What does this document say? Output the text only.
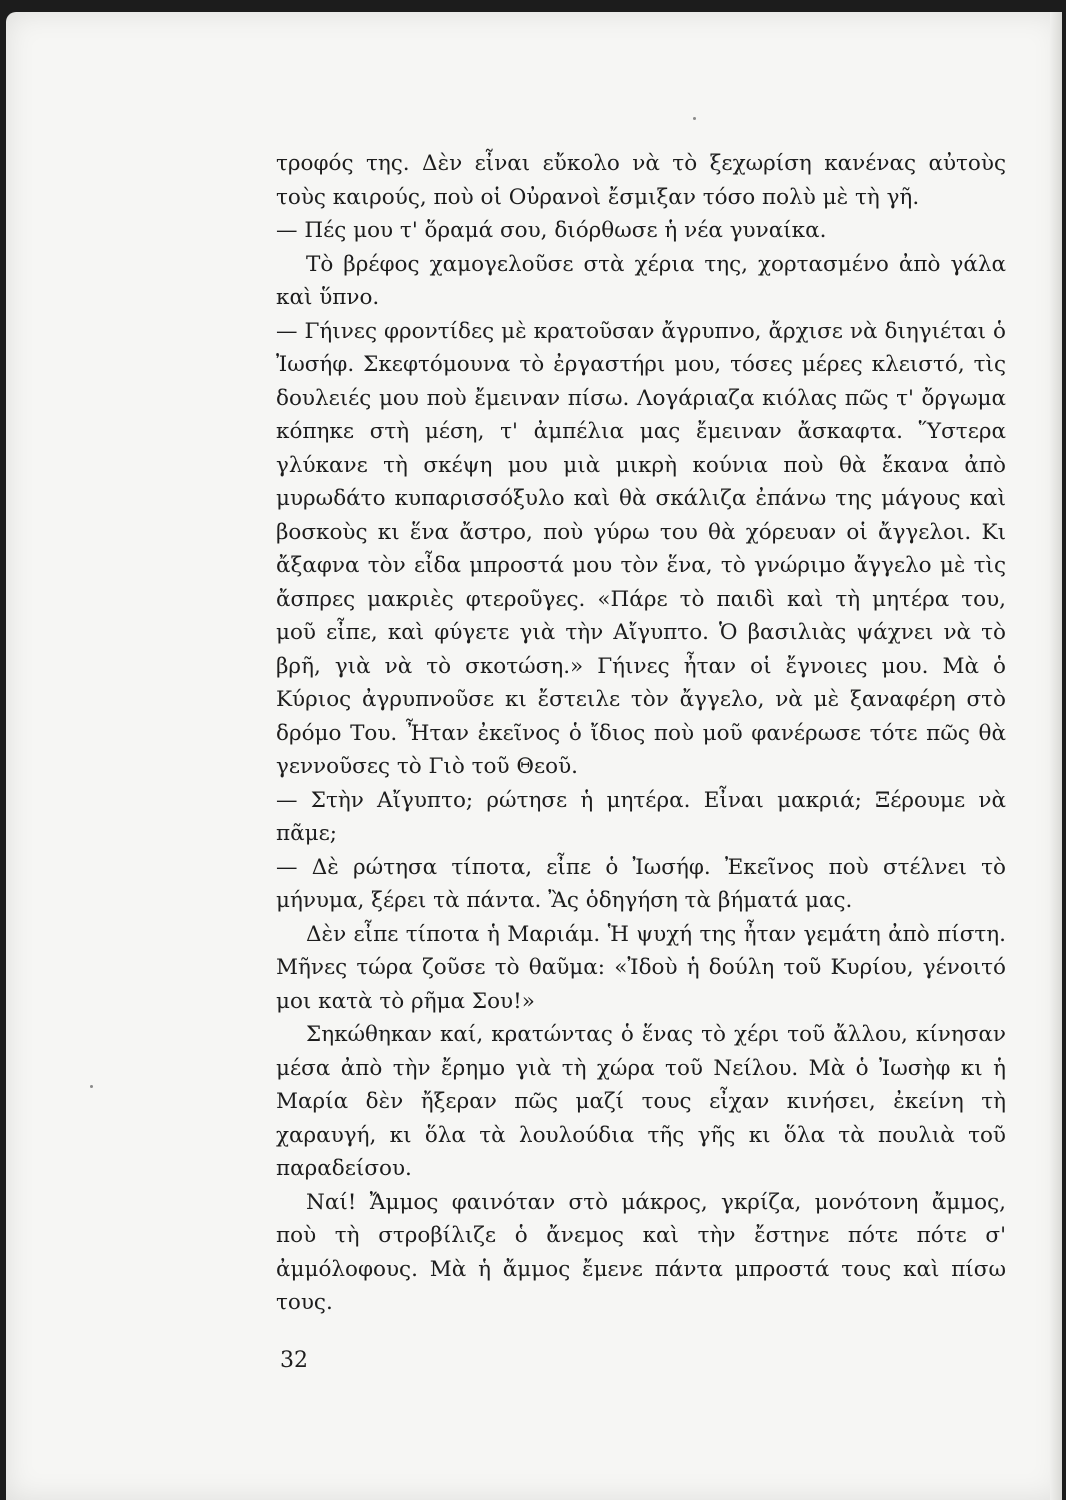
τροφός της. Δὲν εἶναι εὔκολο νὰ τὸ ξεχωρίση κανένας αὐτοὺς τοὺς καιρούς, ποὺ οἱ Οὐρανοὶ ἔσμιξαν τόσο πολὺ μὲ τὴ γῆ.

— Πές μου τ' ὅραμά σου, διόρθωσε ἡ νέα γυναίκα.

Τὸ βρέφος χαμογελοῦσε στὰ χέρια της, χορτασμένο ἀπὸ γάλα καὶ ὕπνο.

— Γήινες φροντίδες μὲ κρατοῦσαν ἄγρυπνο, ἄρχισε νὰ διηγιέται ὁ Ἰωσήφ. Σκεφτόμουνα τὸ ἐργαστήρι μου, τόσες μέρες κλειστό, τὶς δουλειές μου ποὺ ἔμειναν πίσω. Λογάριαζα κιόλας πῶς τ' ὄργωμα κόπηκε στὴ μέση, τ' ἀμπέλια μας ἔμειναν ἄσκαφτα. Ὕστερα γλύκανε τὴ σκέψη μου μιὰ μικρὴ κούνια ποὺ θὰ ἔκανα ἀπὸ μυρωδάτο κυπαρισσόξυλο καὶ θὰ σκάλιζα ἐπάνω της μάγους καὶ βοσκοὺς κι ἕνα ἄστρο, ποὺ γύρω του θὰ χόρευαν οἱ ἄγγελοι. Κι ἄξαφνα τὸν εἶδα μπροστά μου τὸν ἕνα, τὸ γνώριμο ἄγγελο μὲ τὶς ἄσπρες μακριὲς φτεροῦγες. «Πάρε τὸ παιδὶ καὶ τὴ μητέρα του, μοῦ εἶπε, καὶ φύγετε γιὰ τὴν Αἴγυπτο. Ὁ βασιλιὰς ψάχνει νὰ τὸ βρῆ, γιὰ νὰ τὸ σκοτώση.» Γήινες ἦταν οἱ ἔγνοιες μου. Μὰ ὁ Κύριος ἀγρυπνοῦσε κι ἔστειλε τὸν ἄγγελο, νὰ μὲ ξαναφέρη στὸ δρόμο Του. Ἦταν ἐκεῖνος ὁ ἴδιος ποὺ μοῦ φανέρωσε τότε πῶς θὰ γεννοῦσες τὸ Γιὸ τοῦ Θεοῦ.

— Στὴν Αἴγυπτο; ρώτησε ἡ μητέρα. Εἶναι μακριά; Ξέρουμε νὰ πᾶμε;

— Δὲ ρώτησα τίποτα, εἶπε ὁ Ἰωσήφ. Ἐκεῖνος ποὺ στέλνει τὸ μήνυμα, ξέρει τὰ πάντα. Ἂς ὁδηγήση τὰ βήματά μας.

Δὲν εἶπε τίποτα ἡ Μαριάμ. Ἡ ψυχή της ἦταν γεμάτη ἀπὸ πίστη. Μῆνες τώρα ζοῦσε τὸ θαῦμα: «Ἰδοὺ ἡ δούλη τοῦ Κυρίου, γένοιτό μοι κατὰ τὸ ρῆμα Σου!»

Σηκώθηκαν καί, κρατώντας ὁ ἕνας τὸ χέρι τοῦ ἄλλου, κίνησαν μέσα ἀπὸ τὴν ἔρημο γιὰ τὴ χώρα τοῦ Νείλου. Μὰ ὁ Ἰωσὴφ κι ἡ Μαρία δὲν ἤξεραν πῶς μαζί τους εἶχαν κινήσει, ἐκείνη τὴ χαραυγή, κι ὅλα τὰ λουλούδια τῆς γῆς κι ὅλα τὰ πουλιὰ τοῦ παραδείσου.

Ναί! Ἄμμος φαινόταν στὸ μάκρος, γκρίζα, μονότονη ἄμμος, ποὺ τὴ στροβίλιζε ὁ ἄνεμος καὶ τὴν ἔστηνε πότε πότε σ' ἀμμόλοφους. Μὰ ἡ ἄμμος ἔμενε πάντα μπροστά τους καὶ πίσω τους.

32
